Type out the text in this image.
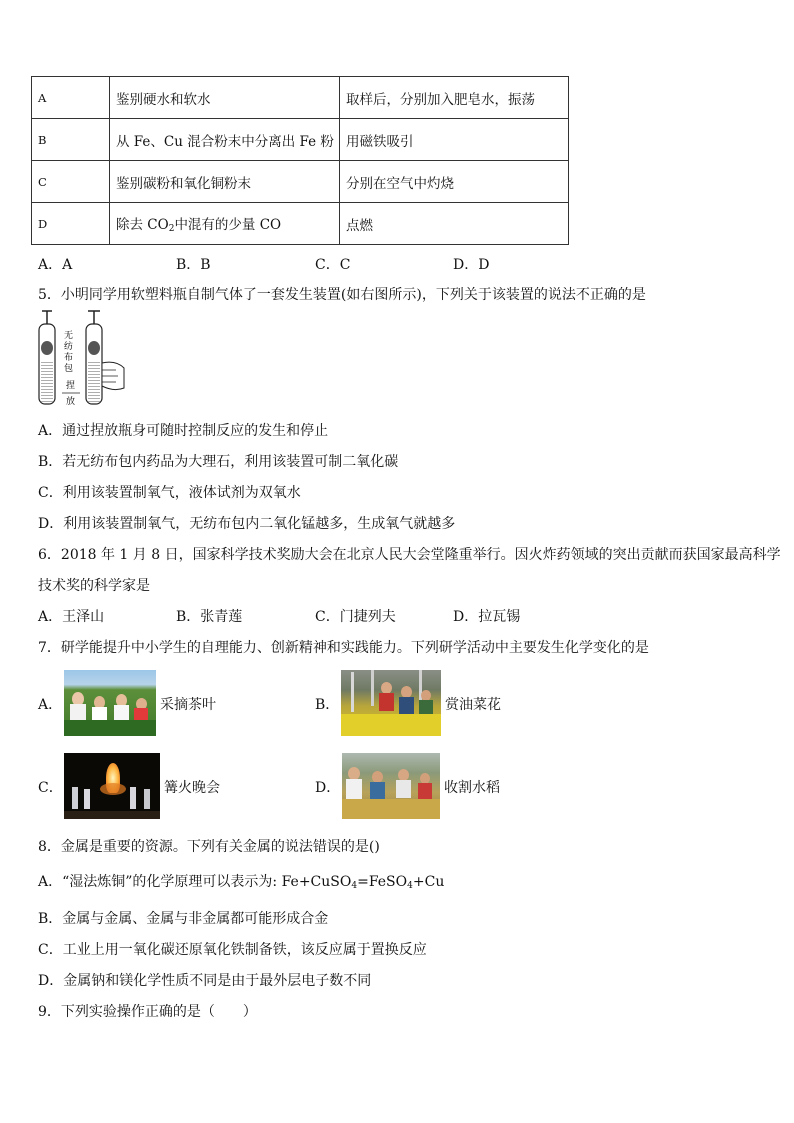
A	鉴别硬水和软水	取样后，分别加入肥皂水，振荡
B	从 Fe、Cu 混合粉末中分离出 Fe 粉	用磁铁吸引
C	鉴别碳粉和氧化铜粉末	分别在空气中灼烧
D	除去 $CO_2$中混有的少量 CO	点燃
A．A	B．B	C．C	D．D
5．小明同学用软塑料瓶自制气体了一套发生装置(如右图所示)，下列关于该装置的说法不正确的是
无纺布包
捏
放
A．通过捏放瓶身可随时控制反应的发生和停止
B．若无纺布包内药品为大理石，利用该装置可制二氧化碳
C．利用该装置制氧气，液体试剂为双氧水
D．利用该装置制氧气，无纺布包内二氧化锰越多，生成氧气就越多
6．2018 年 1 月 8 日，国家科学技术奖励大会在北京人民大会堂隆重举行。因火炸药领域的突出贡献而获国家最高科学
技术奖的科学家是
A．王泽山	B．张青莲	C．门捷列夫	D．拉瓦锡
7．研学能提升中小学生的自理能力、创新精神和实践能力。下列研学活动中主要发生化学变化的是
A．	采摘茶叶	B．	赏油菜花
C．	篝火晚会	D．	收割水稻
8．金属是重要的资源。下列有关金属的说法错误的是()
A．“湿法炼铜”的化学原理可以表示为: Fe+CuSO$_4$=FeSO$_4$+Cu
B．金属与金属、金属与非金属都可能形成合金
C．工业上用一氧化碳还原氧化铁制备铁，该反应属于置换反应
D．金属钠和镁化学性质不同是由于最外层电子数不同
9．下列实验操作正确的是（　　）
